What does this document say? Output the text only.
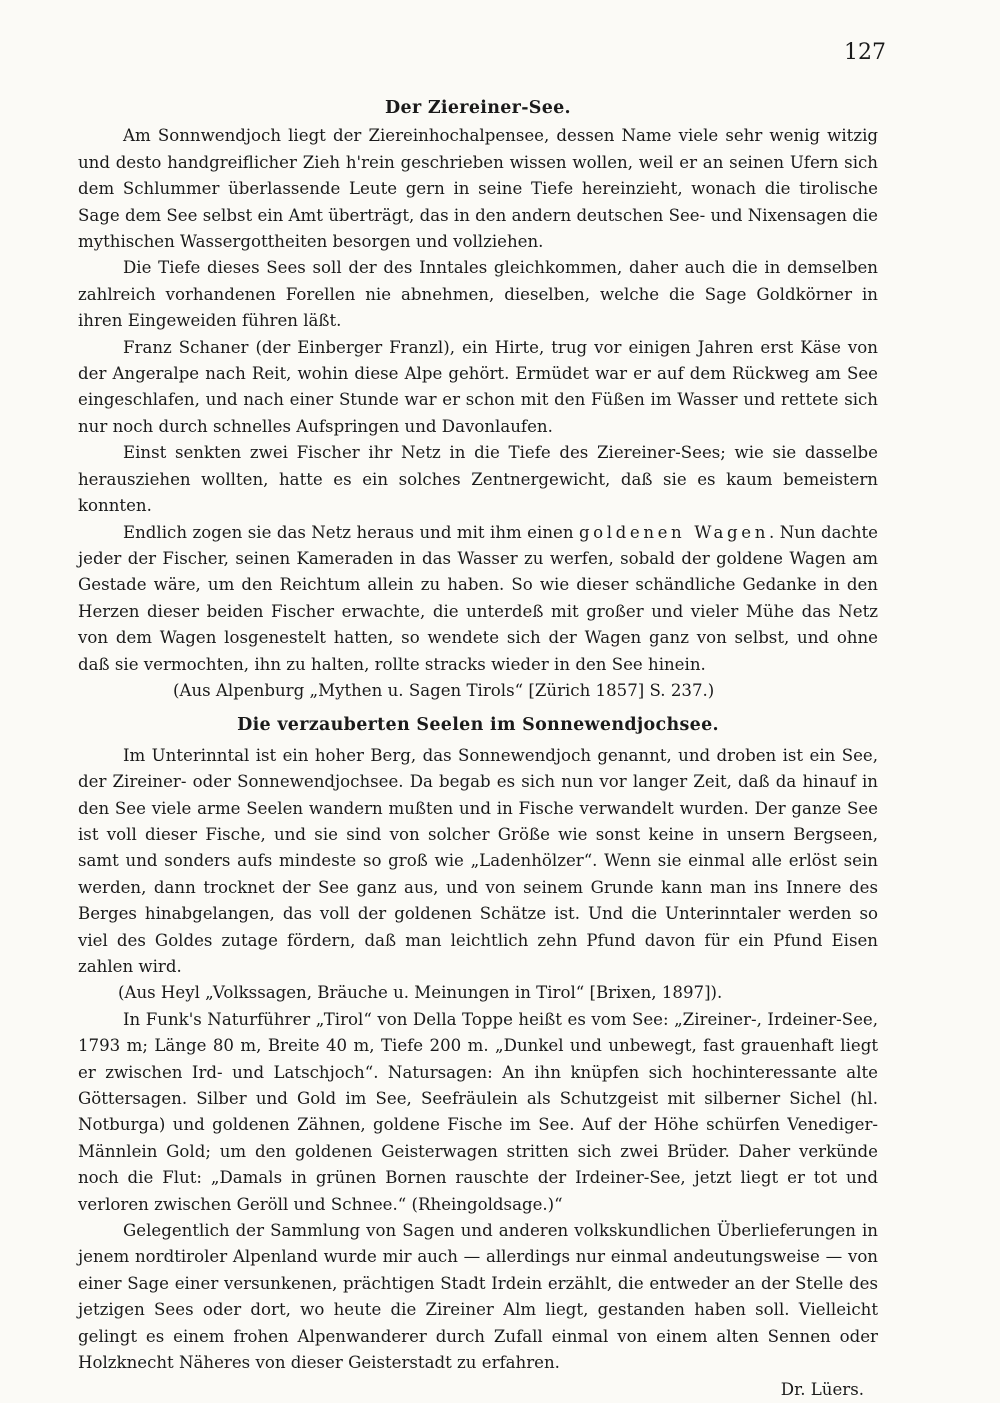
127
Der Ziereiner-See.

Am Sonnwendjoch liegt der Ziereinhochalpensee, dessen Name viele sehr wenig witzig und desto handgreiflicher Zieh h'rein geschrieben wissen wollen, weil er an seinen Ufern sich dem Schlummer überlassende Leute gern in seine Tiefe hereinzieht, wonach die tirolische Sage dem See selbst ein Amt überträgt, das in den andern deutschen See- und Nixensagen die mythischen Wassergottheiten besorgen und vollziehen.

Die Tiefe dieses Sees soll der des Inntales gleichkommen, daher auch die in demselben zahlreich vorhandenen Forellen nie abnehmen, dieselben, welche die Sage Goldkörner in ihren Eingeweiden führen läßt.

Franz Schaner (der Einberger Franzl), ein Hirte, trug vor einigen Jahren erst Käse von der Angeralpe nach Reit, wohin diese Alpe gehört. Ermüdet war er auf dem Rückweg am See eingeschlafen, und nach einer Stunde war er schon mit den Füßen im Wasser und rettete sich nur noch durch schnelles Aufspringen und Davonlaufen.

Einst senkten zwei Fischer ihr Netz in die Tiefe des Ziereiner-Sees; wie sie dasselbe herausziehen wollten, hatte es ein solches Zentnergewicht, daß sie es kaum bemeistern konnten.

Endlich zogen sie das Netz heraus und mit ihm einen goldenen Wagen. Nun dachte jeder der Fischer, seinen Kameraden in das Wasser zu werfen, sobald der goldene Wagen am Gestade wäre, um den Reichtum allein zu haben. So wie dieser schändliche Gedanke in den Herzen dieser beiden Fischer erwachte, die unterdeß mit großer und vieler Mühe das Netz von dem Wagen losgenestelt hatten, so wendete sich der Wagen ganz von selbst, und ohne daß sie vermochten, ihn zu halten, rollte stracks wieder in den See hinein.

(Aus Alpenburg „Mythen u. Sagen Tirols“ [Zürich 1857] S. 237.)

Die verzauberten Seelen im Sonnewendjochsee.

Im Unterinntal ist ein hoher Berg, das Sonnewendjoch genannt, und droben ist ein See, der Zireiner- oder Sonnewendjochsee. Da begab es sich nun vor langer Zeit, daß da hinauf in den See viele arme Seelen wandern mußten und in Fische verwandelt wurden. Der ganze See ist voll dieser Fische, und sie sind von solcher Größe wie sonst keine in unsern Bergseen, samt und sonders aufs mindeste so groß wie „Ladenhölzer“. Wenn sie einmal alle erlöst sein werden, dann trocknet der See ganz aus, und von seinem Grunde kann man ins Innere des Berges hinabgelangen, das voll der goldenen Schätze ist. Und die Unterinntaler werden so viel des Goldes zutage fördern, daß man leichtlich zehn Pfund davon für ein Pfund Eisen zahlen wird.

(Aus Heyl „Volkssagen, Bräuche u. Meinungen in Tirol“ [Brixen, 1897]).

In Funk's Naturführer „Tirol“ von Della Toppe heißt es vom See: „Zireiner-, Irdeiner-See, 1793 m; Länge 80 m, Breite 40 m, Tiefe 200 m. „Dunkel und unbewegt, fast grauenhaft liegt er zwischen Ird- und Latschjoch“. Natursagen: An ihn knüpfen sich hochinteressante alte Göttersagen. Silber und Gold im See, Seefräulein als Schutzgeist mit silberner Sichel (hl. Notburga) und goldenen Zähnen, goldene Fische im See. Auf der Höhe schürfen Venediger-Männlein Gold; um den goldenen Geisterwagen stritten sich zwei Brüder. Daher verkünde noch die Flut: „Damals in grünen Bornen rauschte der Irdeiner-See, jetzt liegt er tot und verloren zwischen Geröll und Schnee.“ (Rheingoldsage.)“

Gelegentlich der Sammlung von Sagen und anderen volkskundlichen Überlieferungen in jenem nordtiroler Alpenland wurde mir auch — allerdings nur einmal andeutungsweise — von einer Sage einer versunkenen, prächtigen Stadt Irdein erzählt, die entweder an der Stelle des jetzigen Sees oder dort, wo heute die Zireiner Alm liegt, gestanden haben soll. Vielleicht gelingt es einem frohen Alpenwanderer durch Zufall einmal von einem alten Sennen oder Holzknecht Näheres von dieser Geisterstadt zu erfahren.

Dr. Lüers.
